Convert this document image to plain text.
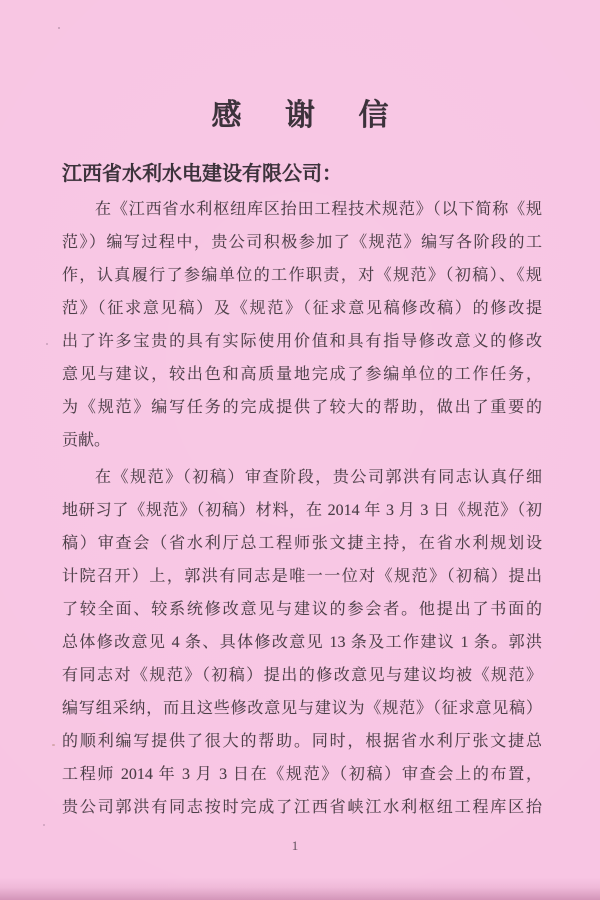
感 谢 信
江西省水利水电建设有限公司：
在《江西省水利枢纽库区抬田工程技术规范》（以下简称《规
范》）编写过程中，贵公司积极参加了《规范》编写各阶段的工
作，认真履行了参编单位的工作职责，对《规范》（初稿）、《规
范》（征求意见稿）及《规范》（征求意见稿修改稿）的修改提
出了许多宝贵的具有实际使用价值和具有指导修改意义的修改
意见与建议，较出色和高质量地完成了参编单位的工作任务，
为《规范》编写任务的完成提供了较大的帮助，做出了重要的
贡献。
在《规范》（初稿）审查阶段，贵公司郭洪有同志认真仔细
地研习了《规范》（初稿）材料，在 2014 年 3 月 3 日《规范》（初
稿）审查会（省水利厅总工程师张文捷主持，在省水利规划设
计院召开）上，郭洪有同志是唯一一位对《规范》（初稿）提出
了较全面、较系统修改意见与建议的参会者。他提出了书面的
总体修改意见 4 条、具体修改意见 13 条及工作建议 1 条。郭洪
有同志对《规范》（初稿）提出的修改意见与建议均被《规范》
编写组采纳，而且这些修改意见与建议为《规范》（征求意见稿）
的顺利编写提供了很大的帮助。同时，根据省水利厅张文捷总
工程师 2014 年 3 月 3 日在《规范》（初稿）审查会上的布置，
贵公司郭洪有同志按时完成了江西省峡江水利枢纽工程库区抬
1
